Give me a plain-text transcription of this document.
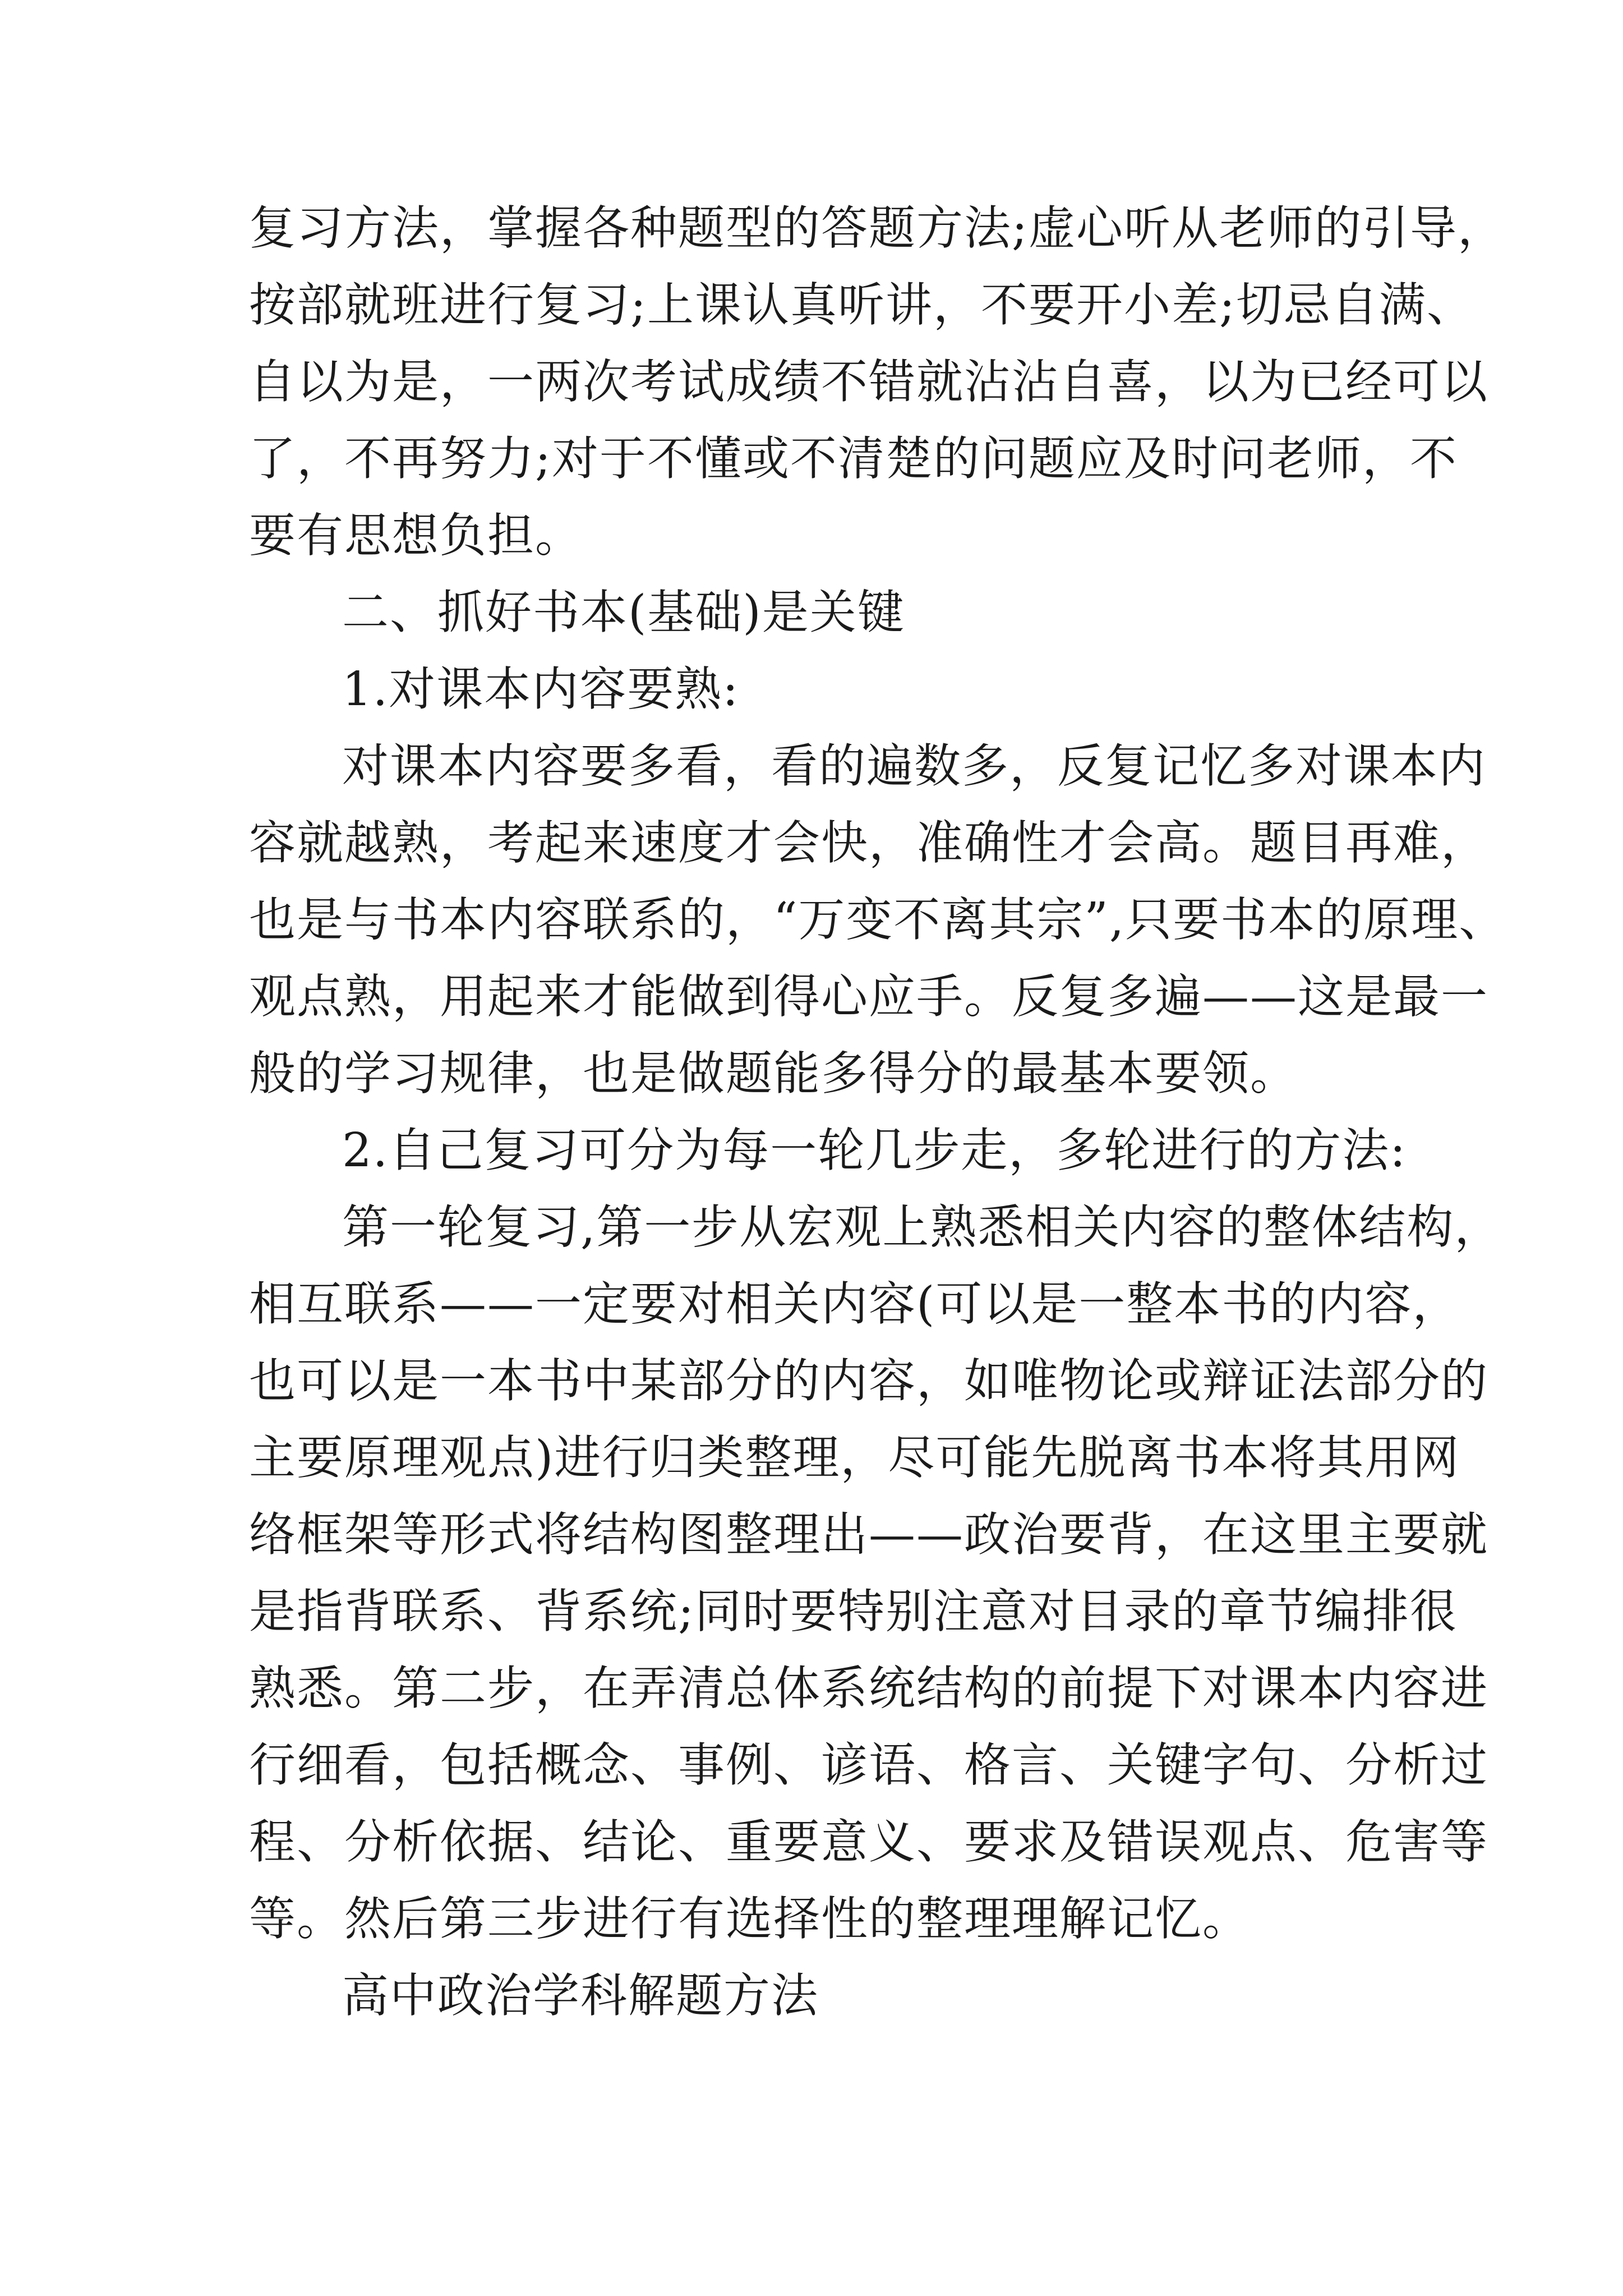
复习方法，掌握各种题型的答题方法;虚心听从老师的引导，
按部就班进行复习;上课认真听讲，不要开小差;切忌自满、
自以为是，一两次考试成绩不错就沾沾自喜，以为已经可以
了，不再努力;对于不懂或不清楚的问题应及时问老师，不
要有思想负担。
二、抓好书本(基础)是关键
1.对课本内容要熟:
对课本内容要多看，看的遍数多，反复记忆多对课本内
容就越熟，考起来速度才会快，准确性才会高。题目再难，
也是与书本内容联系的，“万变不离其宗”,只要书本的原理、
观点熟，用起来才能做到得心应手。反复多遍——这是最一
般的学习规律，也是做题能多得分的最基本要领。
2.自己复习可分为每一轮几步走，多轮进行的方法:
第一轮复习,第一步从宏观上熟悉相关内容的整体结构，
相互联系——一定要对相关内容(可以是一整本书的内容，
也可以是一本书中某部分的内容，如唯物论或辩证法部分的
主要原理观点)进行归类整理，尽可能先脱离书本将其用网
络框架等形式将结构图整理出——政治要背，在这里主要就
是指背联系、背系统;同时要特别注意对目录的章节编排很
熟悉。第二步，在弄清总体系统结构的前提下对课本内容进
行细看，包括概念、事例、谚语、格言、关键字句、分析过
程、分析依据、结论、重要意义、要求及错误观点、危害等
等。然后第三步进行有选择性的整理理解记忆。
高中政治学科解题方法
